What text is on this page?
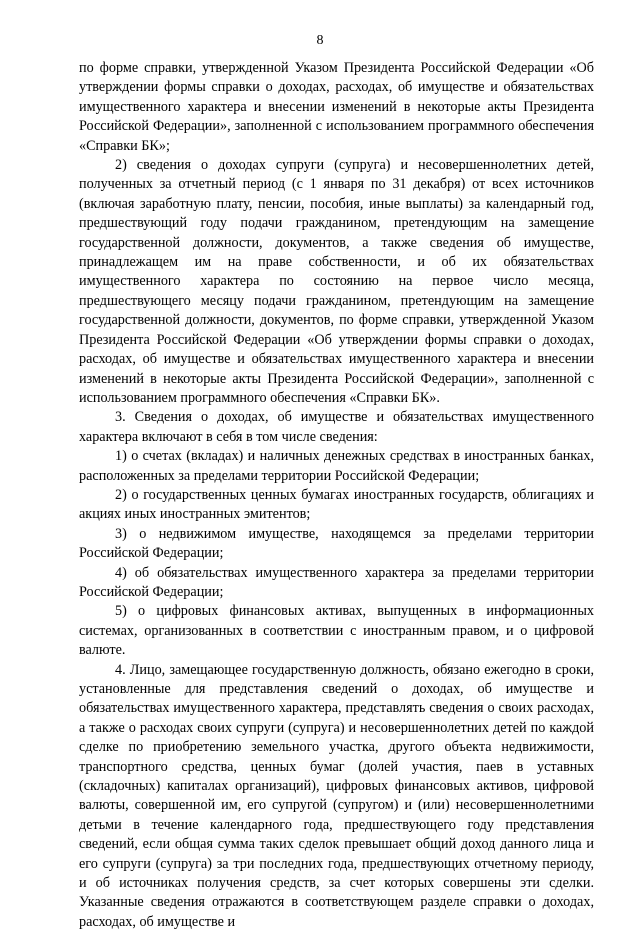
8

по форме справки, утвержденной Указом Президента Российской Федерации «Об утверждении формы справки о доходах, расходах, об имуществе и обязательствах имущественного характера и внесении изменений в некоторые акты Президента Российской Федерации», заполненной с использованием программного обеспечения «Справки БК»;

2) сведения о доходах супруги (супруга) и несовершеннолетних детей, полученных за отчетный период (с 1 января по 31 декабря) от всех источников (включая заработную плату, пенсии, пособия, иные выплаты) за календарный год, предшествующий году подачи гражданином, претендующим на замещение государственной должности, документов, а также сведения об имуществе, принадлежащем им на праве собственности, и об их обязательствах имущественного характера по состоянию на первое число месяца, предшествующего месяцу подачи гражданином, претендующим на замещение государственной должности, документов, по форме справки, утвержденной Указом Президента Российской Федерации «Об утверждении формы справки о доходах, расходах, об имуществе и обязательствах имущественного характера и внесении изменений в некоторые акты Президента Российской Федерации», заполненной с использованием программного обеспечения «Справки БК».

3. Сведения о доходах, об имуществе и обязательствах имущественного характера включают в себя в том числе сведения:

1) о счетах (вкладах) и наличных денежных средствах в иностранных банках, расположенных за пределами территории Российской Федерации;

2) о государственных ценных бумагах иностранных государств, облигациях и акциях иных иностранных эмитентов;

3) о недвижимом имуществе, находящемся за пределами территории Российской Федерации;

4) об обязательствах имущественного характера за пределами территории Российской Федерации;

5) о цифровых финансовых активах, выпущенных в информационных системах, организованных в соответствии с иностранным правом, и о цифровой валюте.

4. Лицо, замещающее государственную должность, обязано ежегодно в сроки, установленные для представления сведений о доходах, об имуществе и обязательствах имущественного характера, представлять сведения о своих расходах, а также о расходах своих супруги (супруга) и несовершеннолетних детей по каждой сделке по приобретению земельного участка, другого объекта недвижимости, транспортного средства, ценных бумаг (долей участия, паев в уставных (складочных) капиталах организаций), цифровых финансовых активов, цифровой валюты, совершенной им, его супругой (супругом) и (или) несовершеннолетними детьми в течение календарного года, предшествующего году представления сведений, если общая сумма таких сделок превышает общий доход данного лица и его супруги (супруга) за три последних года, предшествующих отчетному периоду, и об источниках получения средств, за счет которых совершены эти сделки. Указанные сведения отражаются в соответствующем разделе справки о доходах, расходах, об имуществе и
